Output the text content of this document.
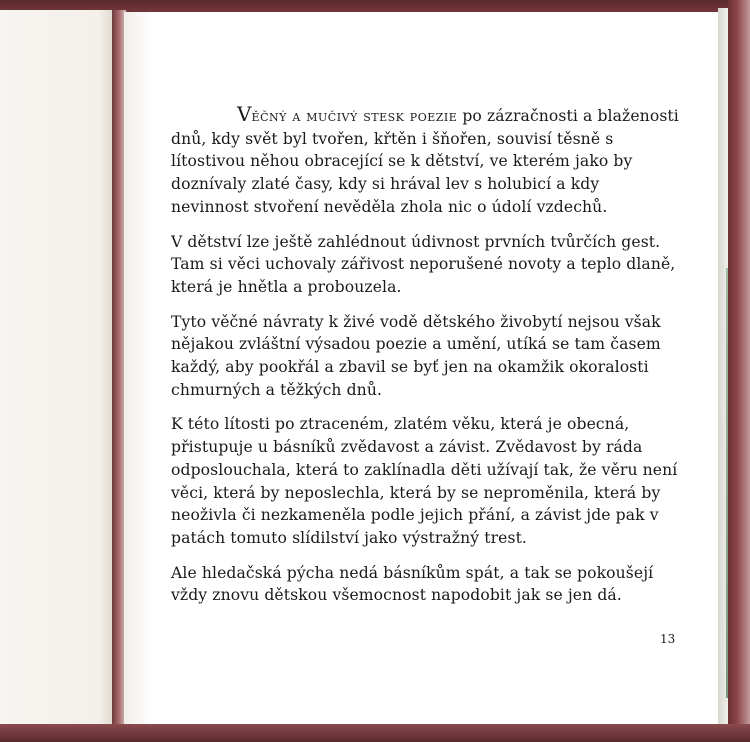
Věčný a mučivý stesk poezie po zázračnosti a blaženosti dnů, kdy svět byl tvořen, křtěn i šňořen, souvisí těsně s lítostivou něhou obracející se k dětství, ve kterém jako by doznívaly zlaté časy, kdy si hrával lev s holubicí a kdy nevinnost stvoření nevěděla zhola nic o údolí vzdechů.

V dětství lze ještě zahlédnout údivnost prvních tvůrčích gest. Tam si věci uchovaly zářivost neporušené novoty a teplo dlaně, která je hnětla a probouzela.

Tyto věčné návraty k živé vodě dětského živobytí nejsou však nějakou zvláštní výsadou poezie a umění, utíká se tam časem každý, aby pookřál a zbavil se byť jen na okamžik okoralosti chmurných a těžkých dnů.

K této lítosti po ztraceném, zlatém věku, která je obecná, přistupuje u básníků zvědavost a závist. Zvědavost by ráda odposlouchala, která to zaklínadla děti užívají tak, že věru není věci, která by neposlechla, která by se neproměnila, která by neoživla či nezkameněla podle jejich přání, a závist jde pak v patách tomuto slídilství jako výstražný trest.

Ale hledačská pýcha nedá básníkům spát, a tak se pokoušejí vždy znovu dětskou všemocnost napodobit jak se jen dá.

13
